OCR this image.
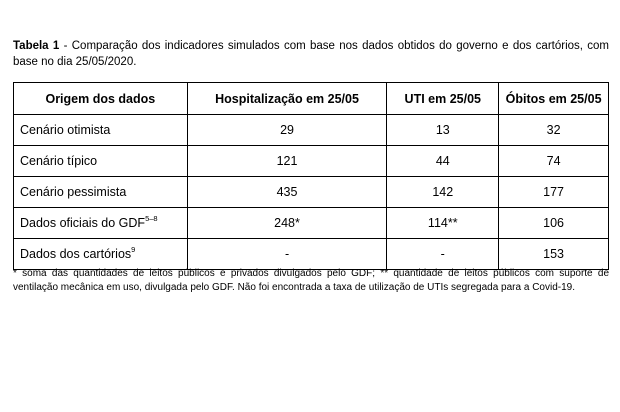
Tabela 1 - Comparação dos indicadores simulados com base nos dados obtidos do governo e dos cartórios, com base no dia 25/05/2020.
Origem dos dados	Hospitalização em 25/05	UTI em 25/05	Óbitos em 25/05
Cenário otimista	29	13	32
Cenário típico	121	44	74
Cenário pessimista	435	142	177
Dados oficiais do GDF$^{5-8}$	248*	114**	106
Dados dos cartórios$^9$	-	-	153
* soma das quantidades de leitos públicos e privados divulgados pelo GDF; ** quantidade de leitos públicos com suporte de ventilação mecânica em uso, divulgada pelo GDF. Não foi encontrada a taxa de utilização de UTIs segregada para a Covid-19.
